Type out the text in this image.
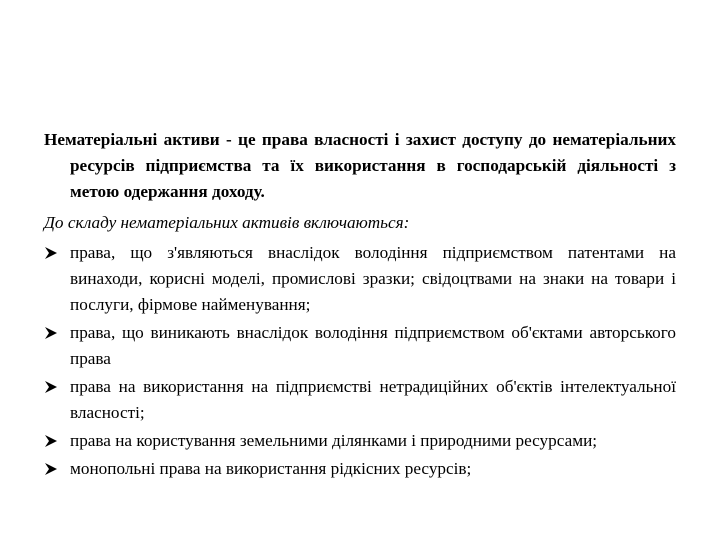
Нематеріальні активи - це права власності і захист доступу до нематеріальних ресурсів підприємства та їх використання в господарській діяльності з метою одержання доходу.

До складу нематеріальних активів включаються:

права, що з'являються внаслідок володіння підприємством патентами на винаходи, корисні моделі, промислові зразки; свідоцтвами на знаки на товари і послуги, фірмове найменування;
права, що виникають внаслідок володіння підприємством об'єктами авторського права
права на використання на підприємстві нетрадиційних об'єктів інтелектуальної власності;
права на користування земельними ділянками і природними ресурсами;
монопольні права на використання рідкісних ресурсів;
